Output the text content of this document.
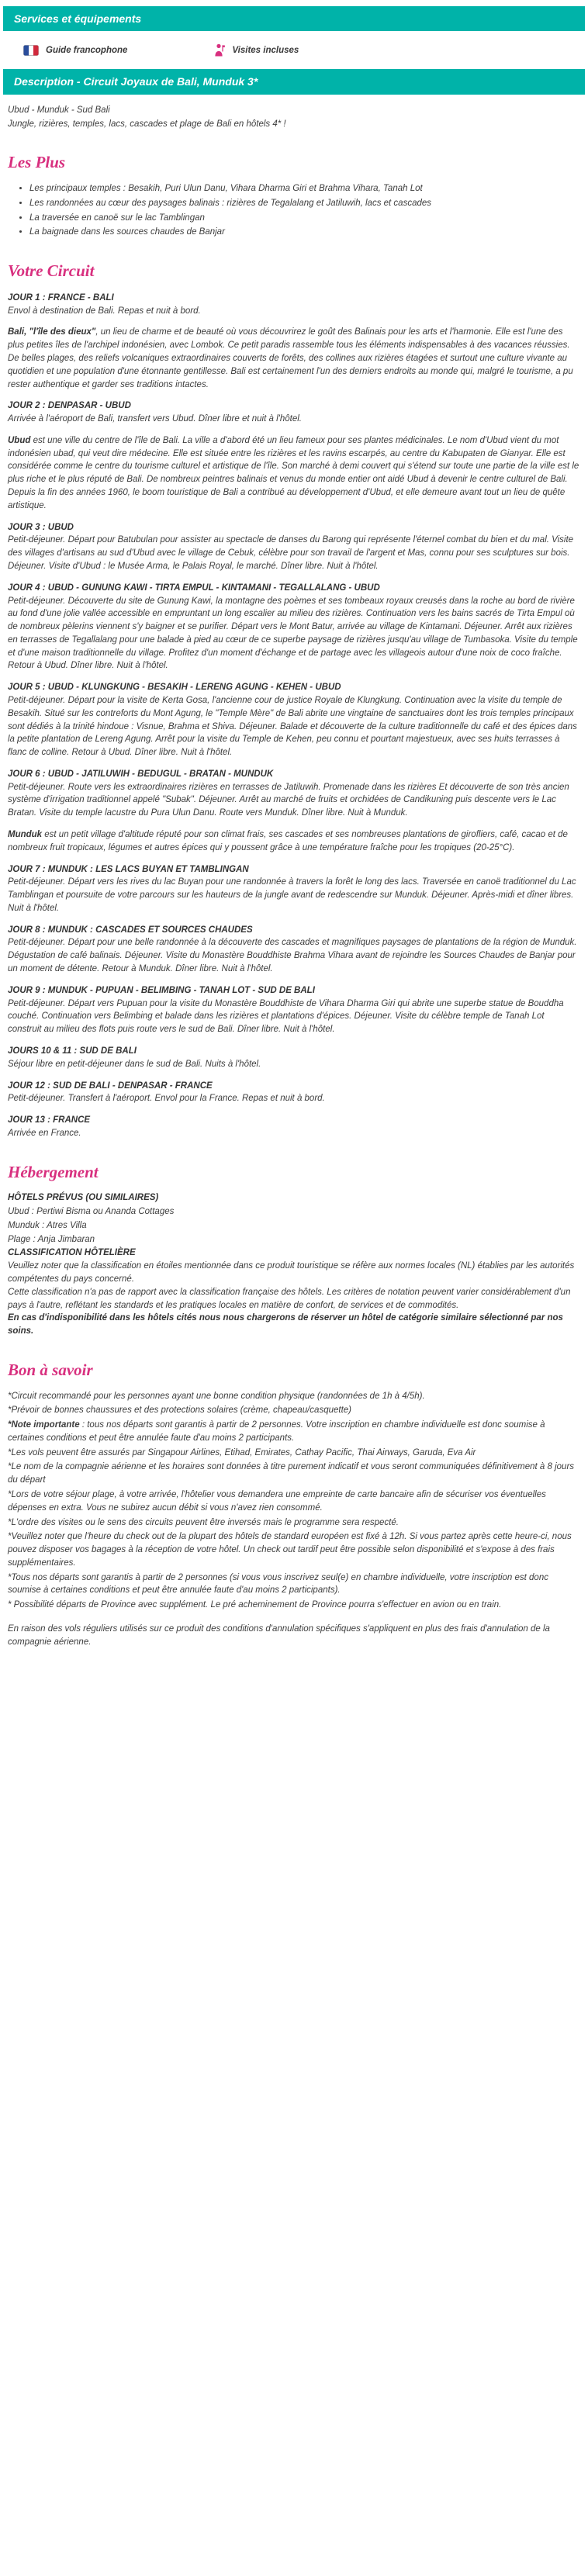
Services et équipements
Guide francophone	Visites incluses
Description - Circuit Joyaux de Bali, Munduk 3*

Ubud - Munduk - Sud Bali

Jungle, rizières, temples, lacs, cascades et plage de Bali en hôtels 4* !

Les Plus
• Les principaux temples : Besakih, Puri Ulun Danu, Vihara Dharma Giri et Brahma Vihara, Tanah Lot
• Les randonnées au cœur des paysages balinais : rizières de Tegalalang et Jatiluwih, lacs et cascades
• La traversée en canoë sur le lac Tamblingan
• La baignade dans les sources chaudes de Banjar
Votre Circuit
JOUR 1 : FRANCE - BALI
Envol à destination de Bali. Repas et nuit à bord.
Bali, "l'île des dieux", un lieu de charme et de beauté où vous découvrirez le goût des Balinais pour les arts et l'harmonie. Elle est l'une des plus petites îles de l'archipel indonésien, avec Lombok. Ce petit paradis rassemble tous les éléments indispensables à des vacances réussies. De belles plages, des reliefs volcaniques extraordinaires couverts de forêts, des collines aux rizières étagées et surtout une culture vivante au quotidien et une population d'une étonnante gentillesse. Bali est certainement l'un des derniers endroits au monde qui, malgré le tourisme, a pu rester authentique et garder ses traditions intactes.
JOUR 2 : DENPASAR - UBUD
Arrivée à l'aéroport de Bali, transfert vers Ubud. Dîner libre et nuit à l'hôtel.
Ubud est une ville du centre de l'île de Bali. La ville a d'abord été un lieu fameux pour ses plantes médicinales. Le nom d'Ubud vient du mot indonésien ubad, qui veut dire médecine. Elle est située entre les rizières et les ravins escarpés, au centre du Kabupaten de Gianyar. Elle est considérée comme le centre du tourisme culturel et artistique de l'île. Son marché à demi couvert qui s'étend sur toute une partie de la ville est le plus riche et le plus réputé de Bali. De nombreux peintres balinais et venus du monde entier ont aidé Ubud à devenir le centre culturel de Bali. Depuis la fin des années 1960, le boom touristique de Bali a contribué au développement d'Ubud, et elle demeure avant tout un lieu de quête artistique.
JOUR 3 : UBUD
Petit-déjeuner. Départ pour Batubulan pour assister au spectacle de danses du Barong qui représente l'éternel combat du bien et du mal. Visite des villages d'artisans au sud d'Ubud avec le village de Cebuk, célèbre pour son travail de l'argent et Mas, connu pour ses sculptures sur bois. Déjeuner. Visite d'Ubud : le Musée Arma, le Palais Royal, le marché. Dîner libre. Nuit à l'hôtel.
JOUR 4 : UBUD - GUNUNG KAWI - TIRTA EMPUL - KINTAMANI - TEGALLALANG - UBUD
Petit-déjeuner. Découverte du site de Gunung Kawi, la montagne des poèmes et ses tombeaux royaux creusés dans la roche au bord de rivière au fond d'une jolie vallée accessible en empruntant un long escalier au milieu des rizières. Continuation vers les bains sacrés de Tirta Empul où de nombreux pèlerins viennent s'y baigner et se purifier. Départ vers le Mont Batur, arrivée au village de Kintamani. Déjeuner. Arrêt aux rizières en terrasses de Tegallalang pour une balade à pied au cœur de ce superbe paysage de rizières jusqu'au village de Tumbasoka. Visite du temple et d'une maison traditionnelle du village. Profitez d'un moment d'échange et de partage avec les villageois autour d'une noix de coco fraîche. Retour à Ubud. Dîner libre. Nuit à l'hôtel.
JOUR 5 : UBUD - KLUNGKUNG - BESAKIH - LERENG AGUNG - KEHEN - UBUD
Petit-déjeuner. Départ pour la visite de Kerta Gosa, l'ancienne cour de justice Royale de Klungkung. Continuation avec la visite du temple de Besakih. Situé sur les contreforts du Mont Agung, le "Temple Mère" de Bali abrite une vingtaine de sanctuaires dont les trois temples principaux sont dédiés à la trinité hindoue : Visnue, Brahma et Shiva. Déjeuner. Balade et découverte de la culture traditionnelle du café et des épices dans la petite plantation de Lereng Agung. Arrêt pour la visite du Temple de Kehen, peu connu et pourtant majestueux, avec ses huits terrasses à flanc de colline. Retour à Ubud. Dîner libre. Nuit à l'hôtel.
JOUR 6 : UBUD - JATILUWIH - BEDUGUL - BRATAN - MUNDUK
Petit-déjeuner. Route vers les extraordinaires rizières en terrasses de Jatiluwih. Promenade dans les rizières Et découverte de son très ancien système d'irrigation traditionnel appelé "Subak". Déjeuner. Arrêt au marché de fruits et orchidées de Candikuning puis descente vers le Lac Bratan. Visite du temple lacustre du Pura Ulun Danu. Route vers Munduk. Dîner libre. Nuit à Munduk.
Munduk est un petit village d'altitude réputé pour son climat frais, ses cascades et ses nombreuses plantations de girofliers, café, cacao et de nombreux fruit tropicaux, légumes et autres épices qui y poussent grâce à une température fraîche pour les tropiques (20-25°C).
JOUR 7 : MUNDUK : LES LACS BUYAN ET TAMBLINGAN
Petit-déjeuner. Départ vers les rives du lac Buyan pour une randonnée à travers la forêt le long des lacs. Traversée en canoë traditionnel du Lac Tamblingan et poursuite de votre parcours sur les hauteurs de la jungle avant de redescendre sur Munduk. Déjeuner. Après-midi et dîner libres. Nuit à l'hôtel.
JOUR 8 : MUNDUK : CASCADES ET SOURCES CHAUDES
Petit-déjeuner. Départ pour une belle randonnée à la découverte des cascades et magnifiques paysages de plantations de la région de Munduk. Dégustation de café balinais. Déjeuner. Visite du Monastère Bouddhiste Brahma Vihara avant de rejoindre les Sources Chaudes de Banjar pour un moment de détente. Retour à Munduk. Dîner libre. Nuit à l'hôtel.
JOUR 9 : MUNDUK - PUPUAN - BELIMBING - TANAH LOT - SUD DE BALI
Petit-déjeuner. Départ vers Pupuan pour la visite du Monastère Bouddhiste de Vihara Dharma Giri qui abrite une superbe statue de Bouddha couché. Continuation vers Belimbing et balade dans les rizières et plantations d'épices. Déjeuner. Visite du célèbre temple de Tanah Lot construit au milieu des flots puis route vers le sud de Bali. Dîner libre. Nuit à l'hôtel.
JOURS 10 & 11 : SUD DE BALI
Séjour libre en petit-déjeuner dans le sud de Bali. Nuits à l'hôtel.
JOUR 12 : SUD DE BALI - DENPASAR - FRANCE
Petit-déjeuner. Transfert à l'aéroport. Envol pour la France. Repas et nuit à bord.
JOUR 13 : FRANCE
Arrivée en France.
Hébergement

HÔTELS PRÉVUS (OU SIMILAIRES)

Ubud : Pertiwi Bisma ou Ananda Cottages

Munduk : Atres Villa

Plage : Anja Jimbaran

CLASSIFICATION HÔTELIÈRE

Veuillez noter que la classification en étoiles mentionnée dans ce produit touristique se réfère aux normes locales (NL) établies par les autorités compétentes du pays concerné.

Cette classification n'a pas de rapport avec la classification française des hôtels. Les critères de notation peuvent varier considérablement d'un pays à l'autre, reflétant les standards et les pratiques locales en matière de confort, de services et de commodités.

En cas d'indisponibilité dans les hôtels cités nous nous chargerons de réserver un hôtel de catégorie similaire sélectionné par nos soins.

Bon à savoir

*Circuit recommandé pour les personnes ayant une bonne condition physique (randonnées de 1h à 4/5h).

*Prévoir de bonnes chaussures et des protections solaires (crème, chapeau/casquette)

*Note importante : tous nos départs sont garantis à partir de 2 personnes. Votre inscription en chambre individuelle est donc soumise à certaines conditions et peut être annulée faute d'au moins 2 participants.

*Les vols peuvent être assurés par Singapour Airlines, Etihad, Emirates, Cathay Pacific, Thai Airways, Garuda, Eva Air

*Le nom de la compagnie aérienne et les horaires sont données à titre purement indicatif et vous seront communiquées définitivement à 8 jours du départ

*Lors de votre séjour plage, à votre arrivée, l'hôtelier vous demandera une empreinte de carte bancaire afin de sécuriser vos éventuelles dépenses en extra. Vous ne subirez aucun débit si vous n'avez rien consommé.

*L'ordre des visites ou le sens des circuits peuvent être inversés mais le programme sera respecté.

*Veuillez noter que l'heure du check out de la plupart des hôtels de standard européen est fixé à 12h. Si vous partez après cette heure-ci, nous pouvez disposer vos bagages à la réception de votre hôtel. Un check out tardif peut être possible selon disponibilité et s'expose à des frais supplémentaires.

*Tous nos départs sont garantis à partir de 2 personnes (si vous vous inscrivez seul(e) en chambre individuelle, votre inscription est donc soumise à certaines conditions et peut être annulée faute d'au moins 2 participants).

* Possibilité départs de Province avec supplément. Le pré acheminement de Province pourra s'effectuer en avion ou en train.

En raison des vols réguliers utilisés sur ce produit des conditions d'annulation spécifiques s'appliquent en plus des frais d'annulation de la compagnie aérienne.
